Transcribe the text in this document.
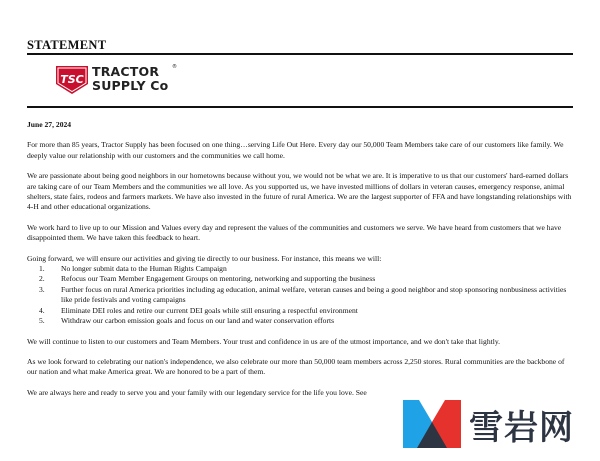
STATEMENT
TSC
TRACTOR
SUPPLY Co
®
June 27, 2024

For more than 85 years, Tractor Supply has been focused on one thing…serving Life Out Here. Every day our 50,000 Team Members take care of our customers like family. We deeply value our relationship with our customers and the communities we call home.

We are passionate about being good neighbors in our hometowns because without you, we would not be what we are. It is imperative to us that our customers' hard-earned dollars are taking care of our Team Members and the communities we all love. As you supported us, we have invested millions of dollars in veteran causes, emergency response, animal shelters, state fairs, rodeos and farmers markets. We have also invested in the future of rural America. We are the largest supporter of FFA and have longstanding relationships with 4-H and other educational organizations.

We work hard to live up to our Mission and Values every day and represent the values of the communities and customers we serve. We have heard from customers that we have disappointed them. We have taken this feedback to heart.

Going forward, we will ensure our activities and giving tie directly to our business. For instance, this means we will:

1. No longer submit data to the Human Rights Campaign
2. Refocus our Team Member Engagement Groups on mentoring, networking and supporting the business
3. Further focus on rural America priorities including ag education, animal welfare, veteran causes and being a good neighbor and stop sponsoring nonbusiness activities like pride festivals and voting campaigns
4. Eliminate DEI roles and retire our current DEI goals while still ensuring a respectful environment
5. Withdraw our carbon emission goals and focus on our land and water conservation efforts

We will continue to listen to our customers and Team Members. Your trust and confidence in us are of the utmost importance, and we don't take that lightly.

As we look forward to celebrating our nation's independence, we also celebrate our more than 50,000 team members across 2,250 stores. Rural communities are the backbone of our nation and what make America great. We are honored to be a part of them.

We are always here and ready to serve you and your family with our legendary service for the life you love. See

雪岩网
